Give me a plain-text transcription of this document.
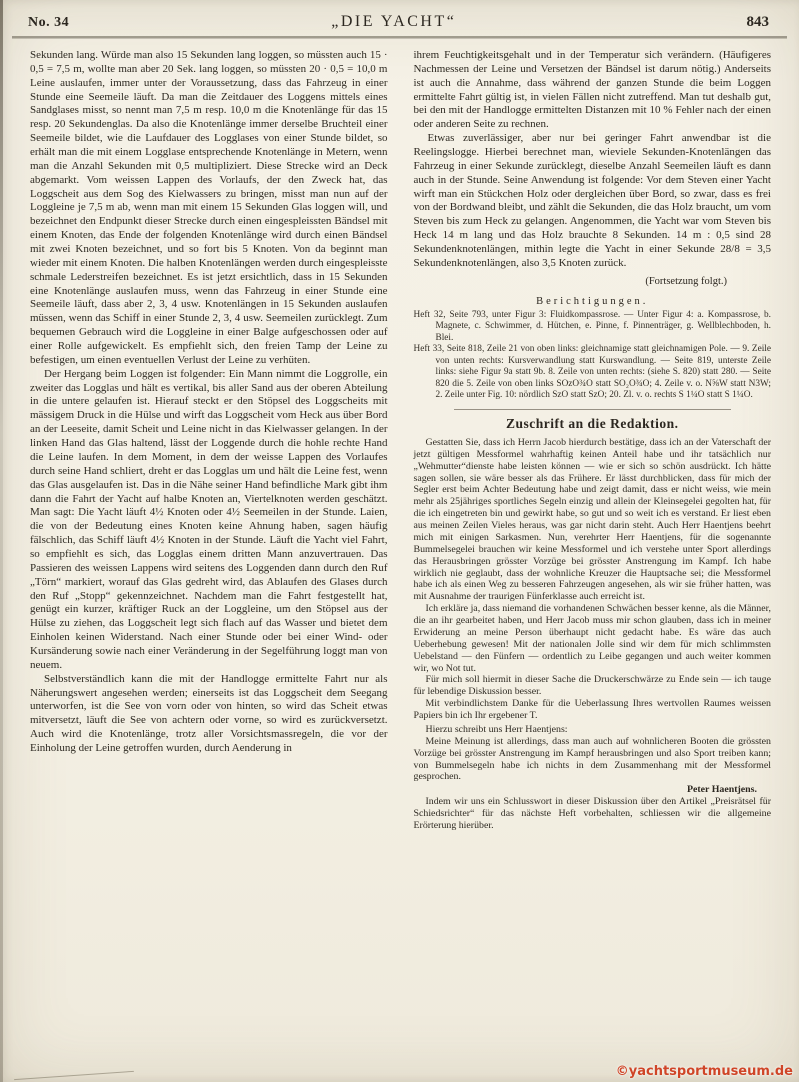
No. 34	„DIE YACHT“	843

Sekunden lang. Würde man also 15 Sekunden lang loggen, so müssten auch 15 · 0,5 = 7,5 m, wollte man aber 20 Sek. lang loggen, so müssten 20 · 0,5 = 10,0 m Leine auslaufen, immer unter der Voraussetzung, dass das Fahrzeug in einer Stunde eine Seemeile läuft. Da man die Zeitdauer des Loggens mittels eines Sandglases misst, so nennt man 7,5 m resp. 10,0 m die Knotenlänge für das 15 resp. 20 Sekundenglas. Da also die Knotenlänge immer derselbe Bruchteil einer Seemeile bildet, wie die Laufdauer des Logglases von einer Stunde bildet, so erhält man die mit einem Logglase entsprechende Knotenlänge in Metern, wenn man die Anzahl Sekunden mit 0,5 multipliziert. Diese Strecke wird an Deck abgemarkt. Vom weissen Lappen des Vorlaufs, der den Zweck hat, das Loggscheit aus dem Sog des Kielwassers zu bringen, misst man nun auf der Loggleine je 7,5 m ab, wenn man mit einem 15 Sekunden Glas loggen will, und bezeichnet den Endpunkt dieser Strecke durch einen eingespleissten Bändsel mit einem Knoten, das Ende der folgenden Knotenlänge wird durch einen Bändsel mit zwei Knoten bezeichnet, und so fort bis 5 Knoten. Von da beginnt man wieder mit einem Knoten. Die halben Knotenlängen werden durch eingespleisste schmale Lederstreifen bezeichnet. Es ist jetzt ersichtlich, dass in 15 Sekunden eine Knotenlänge auslaufen muss, wenn das Fahrzeug in einer Stunde eine Seemeile läuft, dass aber 2, 3, 4 usw. Knotenlängen in 15 Sekunden auslaufen müssen, wenn das Schiff in einer Stunde 2, 3, 4 usw. Seemeilen zurücklegt. Zum bequemen Gebrauch wird die Loggleine in einer Balge aufgeschossen oder auf einer Rolle aufgewickelt. Es empfiehlt sich, den freien Tamp der Leine zu befestigen, um einen eventuellen Verlust der Leine zu verhüten.

Der Hergang beim Loggen ist folgender: Ein Mann nimmt die Loggrolle, ein zweiter das Logglas und hält es vertikal, bis aller Sand aus der oberen Abteilung in die untere gelaufen ist. Hierauf steckt er den Stöpsel des Loggscheits mit mässigem Druck in die Hülse und wirft das Loggscheit vom Heck aus über Bord an der Leeseite, damit Scheit und Leine nicht in das Kielwasser gelangen. In der linken Hand das Glas haltend, lässt der Loggende durch die hohle rechte Hand die Leine laufen. In dem Moment, in dem der weisse Lappen des Vorlaufes durch seine Hand schliert, dreht er das Logglas um und hält die Leine fest, wenn das Glas ausgelaufen ist. Das in die Nähe seiner Hand befindliche Mark gibt ihm dann die Fahrt der Yacht auf halbe Knoten an, Viertelknoten werden geschätzt. Man sagt: Die Yacht läuft 4½ Knoten oder 4½ Seemeilen in der Stunde. Laien, die von der Bedeutung eines Knoten keine Ahnung haben, sagen häufig fälschlich, das Schiff läuft 4½ Knoten in der Stunde. Läuft die Yacht viel Fahrt, so empfiehlt es sich, das Logglas einem dritten Mann anzuvertrauen. Das Passieren des weissen Lappens wird seitens des Loggenden dann durch den Ruf „Törn“ markiert, worauf das Glas gedreht wird, das Ablaufen des Glases durch den Ruf „Stopp“ gekennzeichnet. Nachdem man die Fahrt festgestellt hat, genügt ein kurzer, kräftiger Ruck an der Loggleine, um den Stöpsel aus der Hülse zu ziehen, das Loggscheit legt sich flach auf das Wasser und bietet dem Einholen keinen Widerstand. Nach einer Stunde oder bei einer Wind- oder Kursänderung sowie nach einer Veränderung in der Segelführung loggt man von neuem.

Selbstverständlich kann die mit der Handlogge ermittelte Fahrt nur als Näherungswert angesehen werden; einerseits ist das Loggscheit dem Seegang unterworfen, ist die See von vorn oder von hinten, so wird das Scheit etwas mitversetzt, läuft die See von achtern oder vorne, so wird es zurückversetzt. Auch wird die Knotenlänge, trotz aller Vorsichtsmassregeln, die vor der Einholung der Leine getroffen wurden, durch Aenderung in

ihrem Feuchtigkeitsgehalt und in der Temperatur sich verändern. (Häufigeres Nachmessen der Leine und Versetzen der Bändsel ist darum nötig.) Anderseits ist auch die Annahme, dass während der ganzen Stunde die beim Loggen ermittelte Fahrt gültig ist, in vielen Fällen nicht zutreffend. Man tut deshalb gut, bei den mit der Handlogge ermittelten Distanzen mit 10 % Fehler nach der einen oder anderen Seite zu rechnen.

Etwas zuverlässiger, aber nur bei geringer Fahrt anwendbar ist die Reelingslogge. Hierbei berechnet man, wieviele Sekunden-Knotenlängen das Fahrzeug in einer Sekunde zurücklegt, dieselbe Anzahl Seemeilen läuft es dann auch in der Stunde. Seine Anwendung ist folgende: Vor dem Steven einer Yacht wirft man ein Stückchen Holz oder dergleichen über Bord, so zwar, dass es frei von der Bordwand bleibt, und zählt die Sekunden, die das Holz braucht, um vom Steven bis zum Heck zu gelangen. Angenommen, die Yacht war vom Steven bis Heck 14 m lang und das Holz brauchte 8 Sekunden. 14 m : 0,5 sind 28 Sekundenknotenlängen, mithin legte die Yacht in einer Sekunde 28/8 = 3,5 Sekundenknotenlängen, also 3,5 Knoten zurück.

(Fortsetzung folgt.)

Berichtigungen.

Heft 32, Seite 793, unter Figur 3: Fluidkompassrose. — Unter Figur 4: a. Kompassrose, b. Magnete, c. Schwimmer, d. Hütchen, e. Pinne, f. Pinnenträger, g. Wellblechboden, h. Blei.

Heft 33, Seite 818, Zeile 21 von oben links: gleichnamige statt gleichnamigen Pole. — 9. Zeile von unten rechts: Kursverwandlung statt Kurswandlung. — Seite 819, unterste Zeile links: siehe Figur 9a statt 9b. 8. Zeile von unten rechts: (siehe S. 820) statt 280. — Seite 820 die 5. Zeile von oben links SOzO¾O statt SO₂O¾O; 4. Zeile v. o. N⅝W statt N3W; 2. Zeile unter Fig. 10: nördlich SzO statt SzO; 20. Zl. v. o. rechts S 1¼O statt S 1¼O.

Zuschrift an die Redaktion.

Gestatten Sie, dass ich Herrn Jacob hierdurch bestätige, dass ich an der Vaterschaft der jetzt gültigen Messformel wahrhaftig keinen Anteil habe und ihr tatsächlich nur „Wehmutter“dienste habe leisten können — wie er sich so schön ausdrückt. Ich hätte sagen sollen, sie wäre besser als das Frühere. Er lässt durchblicken, dass für mich der Segler erst beim Achter Bedeutung habe und zeigt damit, dass er nicht weiss, wie mein mehr als 25jähriges sportliches Segeln einzig und allein der Kleinsegelei gegolten hat, für die ich eingetreten bin und gewirkt habe, so gut und so weit ich es verstand. Er liest eben aus meinen Zeilen Vieles heraus, was gar nicht darin steht. Auch Herr Haentjens beehrt mich mit einigen Sarkasmen. Nun, verehrter Herr Haentjens, für die sogenannte Bummelsegelei brauchen wir keine Messformel und ich verstehe unter Sport allerdings das Herausbringen grösster Vorzüge bei grösster Anstrengung im Kampf. Ich habe wirklich nie geglaubt, dass der wohnliche Kreuzer die Hauptsache sei; die Messformel habe ich als einen Weg zu besseren Fahrzeugen angesehen, als wir sie früher hatten, was mit Ausnahme der traurigen Fünferklasse auch erreicht ist.

Ich erkläre ja, dass niemand die vorhandenen Schwächen besser kenne, als die Männer, die an ihr gearbeitet haben, und Herr Jacob muss mir schon glauben, dass ich in meiner Erwiderung an meine Person überhaupt nicht gedacht habe. Es wäre das auch Ueberhebung gewesen! Mit der nationalen Jolle sind wir dem für mich schlimmsten Uebelstand — den Fünfern — ordentlich zu Leibe gegangen und auch weiter kommen wir, wo Not tut.

Für mich soll hiermit in dieser Sache die Druckerschwärze zu Ende sein — ich tauge für lebendige Diskussion besser.

Mit verbindlichstem Danke für die Ueberlassung Ihres wertvollen Raumes weissen Papiers bin ich Ihr ergebener T.

Hierzu schreibt uns Herr Haentjens:

Meine Meinung ist allerdings, dass man auch auf wohnlicheren Booten die grössten Vorzüge bei grösster Anstrengung im Kampf herausbringen und also Sport treiben kann; von Bummelsegeln habe ich nichts in dem Zusammenhang mit der Messformel gesprochen.

Peter Haentjens.

Indem wir uns ein Schlusswort in dieser Diskussion über den Artikel „Preisrätsel für Schiedsrichter“ für das nächste Heft vorbehalten, schliessen wir die allgemeine Erörterung hierüber.

©yachtsportmuseum.de
